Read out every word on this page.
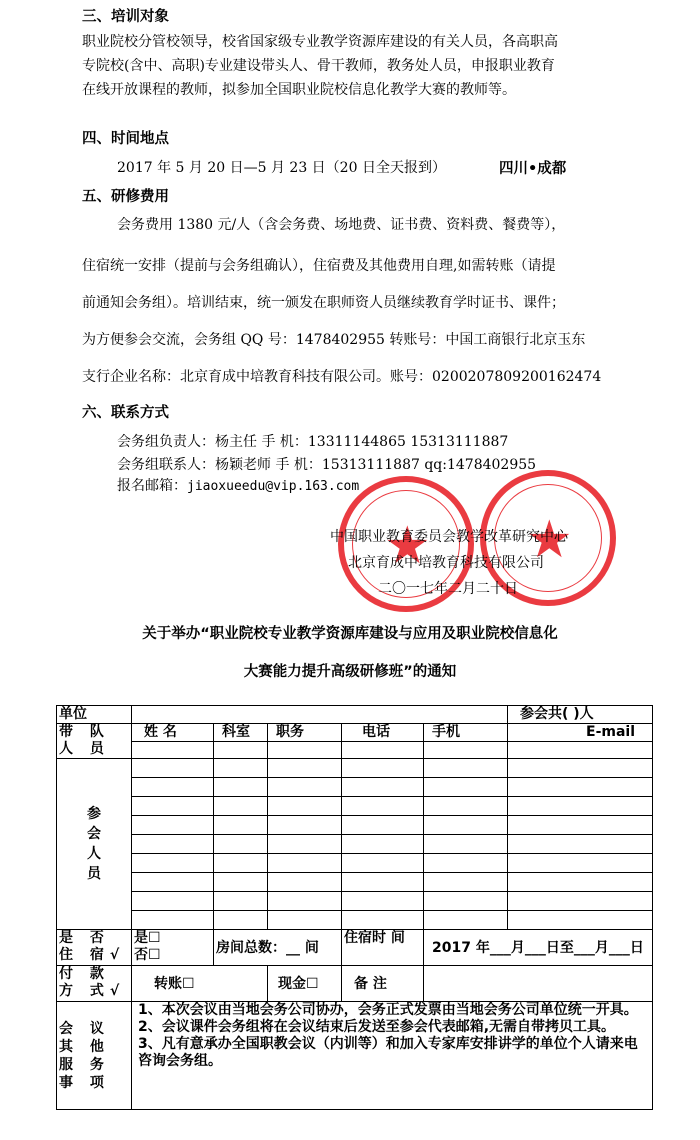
三、培训对象
职业院校分管校领导，校省国家级专业教学资源库建设的有关人员，各高职高
专院校(含中、高职)专业建设带头人、骨干教师，教务处人员，申报职业教育
在线开放课程的教师，拟参加全国职业院校信息化教学大赛的教师等。
四、时间地点
2017 年 5 月 20 日—5 月 23 日（20 日全天报到）	四川•成都
五、研修费用
会务费用 1380 元/人（含会务费、场地费、证书费、资料费、餐费等），
住宿统一安排（提前与会务组确认），住宿费及其他费用自理,如需转账（请提
前通知会务组）。培训结束，统一颁发在职师资人员继续教育学时证书、课件；
为方便参会交流，会务组 QQ 号：1478402955 转账号：中国工商银行北京玉东
支行企业名称：北京育成中培教育科技有限公司。账号：0200207809200162474
六、联系方式
会务组负责人：杨主任 手 机：13311144865 15313111887
会务组联系人：杨颖老师 手 机：15313111887 qq:1478402955
报名邮箱：jiaoxueedu@vip.163.com
★ ★
中国职业教育委员会教学改革研究中心
北京育成中培教育科技有限公司
二〇一七年二月二十日
关于举办“职业院校专业教学资源库建设与应用及职业院校信息化
大赛能力提升高级研修班”的通知
单位						参会共( )人
带 队 人 员	姓 名	科室	职务	电话	手机	E-mail

参 会 人 员						

是 否 住 宿√	是☐
否☐	房间总数：__ 间		住宿时 间	2017 年___月___日至___月___日	
付 款 方 式√	转账☐		现金☐	备 注		
会 议 其 他 服 务 事 项	1、本次会议由当地会务公司协办，会务正式发票由当地会务公司单位统一开具。
2、会议课件会务组将在会议结束后发送至参会代表邮箱,无需自带拷贝工具。
3、凡有意承办全国职教会议（内训等）和加入专家库安排讲学的单位个人请来电咨询会务组。					
